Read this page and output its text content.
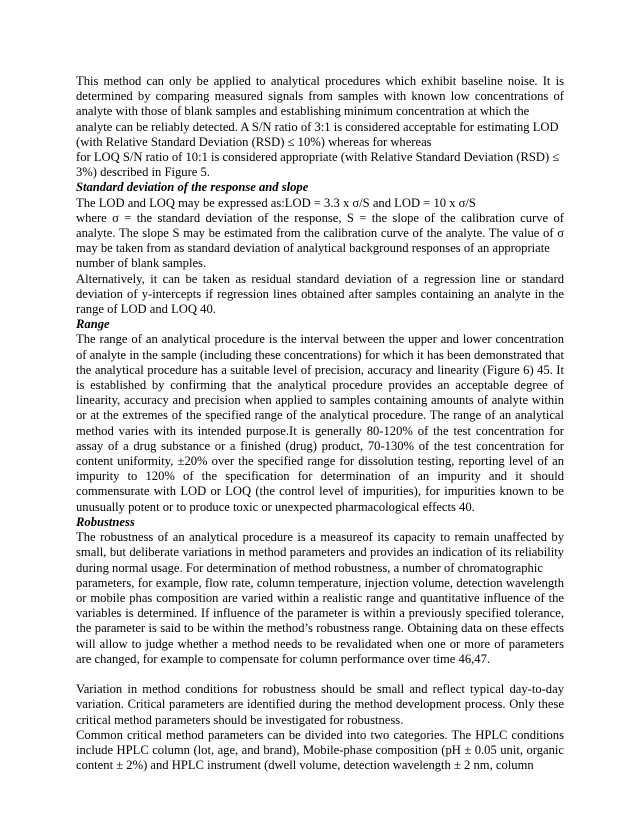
This method can only be applied to analytical procedures which exhibit baseline noise. It is determined by comparing measured signals from samples with known low concentrations of analyte with those of blank samples and establishing minimum concentration at which the

analyte can be reliably detected. A S/N ratio of 3:1 is considered acceptable for estimating LOD (with Relative Standard Deviation (RSD) ≤ 10%) whereas for whereas

for LOQ S/N ratio of 10:1 is considered appropriate (with Relative Standard Deviation (RSD) ≤ 3%) described in Figure 5.

Standard deviation of the response and slope

The LOD and LOQ may be expressed as:LOD = 3.3 x σ/S and LOD = 10 x σ/S

where σ = the standard deviation of the response, S = the slope of the calibration curve of analyte. The slope S may be estimated from the calibration curve of the analyte. The value of σ may be taken from as standard deviation of analytical background responses of an appropriate

number of blank samples.

Alternatively, it can be taken as residual standard deviation of a regression line or standard deviation of y-intercepts if regression lines obtained after samples containing an analyte in the range of LOD and LOQ 40.

Range

The range of an analytical procedure is the interval between the upper and lower concentration of analyte in the sample (including these concentrations) for which it has been demonstrated that the analytical procedure has a suitable level of precision, accuracy and linearity (Figure 6) 45. It is established by confirming that the analytical procedure provides an acceptable degree of linearity, accuracy and precision when applied to samples containing amounts of analyte within or at the extremes of the specified range of the analytical procedure. The range of an analytical method varies with its intended purpose.It is generally 80-120% of the test concentration for assay of a drug substance or a finished (drug) product, 70-130% of the test concentration for content uniformity, ±20% over the specified range for dissolution testing, reporting level of an impurity to 120% of the specification for determination of an impurity and it should commensurate with LOD or LOQ (the control level of impurities), for impurities known to be unusually potent or to produce toxic or unexpected pharmacological effects 40.

Robustness

The robustness of an analytical procedure is a measureof its capacity to remain unaffected by small, but deliberate variations in method parameters and provides an indication of its reliability during normal usage. For determination of method robustness, a number of chromatographic

parameters, for example, flow rate, column temperature, injection volume, detection wavelength or mobile phas composition are varied within a realistic range and quantitative influence of the variables is determined. If influence of the parameter is within a previously specified tolerance, the parameter is said to be within the method’s robustness range. Obtaining data on these effects will allow to judge whether a method needs to be revalidated when one or more of parameters are changed, for example to compensate for column performance over time 46,47.

Variation in method conditions for robustness should be small and reflect typical day-to-day variation. Critical parameters are identified during the method development process. Only these critical method parameters should be investigated for robustness.

Common critical method parameters can be divided into two categories. The HPLC conditions include HPLC column (lot, age, and brand), Mobile-phase composition (pH ± 0.05 unit, organic content ± 2%) and HPLC instrument (dwell volume, detection wavelength ± 2 nm, column
